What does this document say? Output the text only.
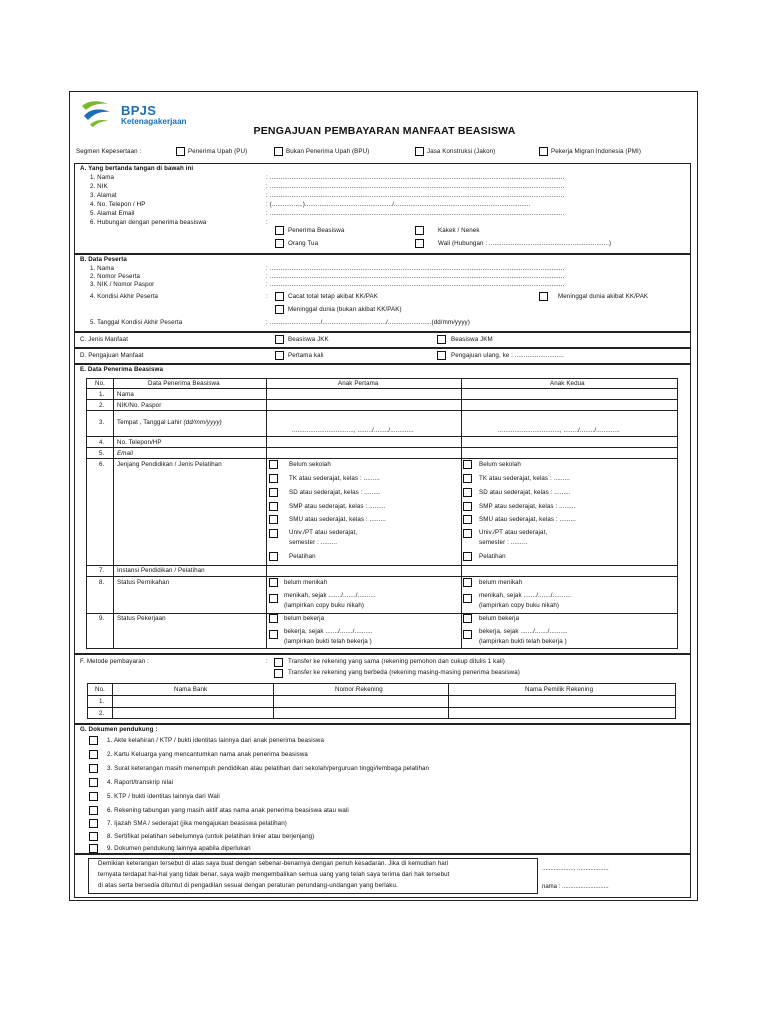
BPJS
Ketenagakerjaan
PENGAJUAN PEMBAYARAN MANFAAT BEASISWA
Segmen Kepesertaan :	Penerima Upah (PU)	Bukan Penerima Upah (BPU)	Jasa Konstruksi (Jakon)	Pekerja Migran Indonesia (PMI)
A. Yang bertanda tangan di bawah ini
1. Nama	: ..................................................................................................................................................................
2. NIK	: ..................................................................................................................................................................
3. Alamat	: ..................................................................................................................................................................
4. No. Telepon / HP	: (.................)................................................/...........................................................................
5. Alamat Email	: ..................................................................................................................................................................
6. Hubungan dengan penerima beasiswa	:
Penerima Beasiswa	Kakek / Nenek
Orang Tua	Wali (Hubungan : ..................................................................)
B. Data Peserta
1. Nama	: ..................................................................................................................................................................
2. Nomor Peserta	: ..................................................................................................................................................................
3. NIK / Nomor Paspor	: ..................................................................................................................................................................
4. Kondisi Akhir Peserta	:	Cacat total tetap akibat KK/PAK	Meninggal dunia akibat KK/PAK
Meninggal dunia (bukan akibat KK/PAK)
5. Tanggal Kondisi Akhir Peserta	: ............................/.................................../........................(dd/mm/yyyy)
C. Jenis Manfaat	Beasiswa JKK	Beasiswa JKM
D. Pengajuan Manfaat	Pertama kali	Pengajuan ulang, ke : ...........................
E. Data Penerima Beasiswa
No.	Data Penerima Beasiswa	Anak Pertama	Anak Kedua
1. Nama
2. NIK/No. Paspor
3. Tempat , Tanggal Lahir (dd/mm/yyyy)
.................................., ......../......../.............	.................................., ......../......../.............
4. No. Telepon/HP
5. Email
6. Jenjang Pendidikan / Jenis Pelatihan	Belum sekolah
TK atau sederajat, kelas : .........
SD atau sederajat, kelas : .........
SMP atau sederajat, kelas : .........
SMU atau sederajat, kelas : .........
Univ./PT atau sederajat,
semester : .........
Pelatihan
Belum sekolah
TK atau sederajat, kelas : .........
SD atau sederajat, kelas : .........
SMP atau sederajat, kelas : .........
SMU atau sederajat, kelas : .........
Univ./PT atau sederajat,
semester : .........
Pelatihan
7. Instansi Pendidikan / Pelatihan
8. Status Pernikahan	belum menikah
menikah, sejak ......./......./..........
(lampirkan copy buku nikah)
belum menikah
menikah, sejak ......./......./..........
(lampirkan copy buku nikah)
9. Status Pekerjaan	belum bekerja
bekerja, sejak ......./......./..........
(lampirkan bukti telah bekerja )
belum bekerja
bekerja, sejak ......./......./..........
(lampirkan bukti telah bekerja )
F. Metode pembayaran :	:	Transfer ke rekening yang sama (rekening pemohon dan cukup ditulis 1 kali)
Transfer ke rekening yang berbeda (rekening masing-masing penerima beasiswa)
No.	Nama Bank	Nomor Rekening	Nama Pemilik Rekening
1.
2.
G. Dokumen pendukung :
1. Akte kelahiran / KTP / bukti identitas lainnya dari anak penerima beasiswa
2. Kartu Keluarga yang mencantumkan nama anak penerima beasiswa
3. Surat keterangan masih menempuh pendidikan atau pelatihan dari sekolah/perguruan tinggi/lembaga pelatihan
4. Raport/transkrip nilai
5. KTP / bukti identitas lainnya dari Wali
6. Rekening tabungan yang masih aktif atas nama anak penerima beasiswa atau wali
7. Ijazah SMA / sederajat (jika mengajukan beasiswa pelatihan)
8. Sertifikat pelatihan sebelumnya (untuk pelatihan linier atau berjenjang)
9. Dokumen pendukung lainnya apabila diperlukan
Demikian keterangan tersebut di atas saya buat dengan sebenar-benarnya dengan penuh kesadaran. Jika di kemudian hari
ternyata terdapat hal-hal yang tidak benar, saya wajib mengembalikan semua uang yang telah saya terima dari hak tersebut
di atas serta bersedia dituntut di pengadilan sesuai dengan peraturan perundang-undangan yang berlaku.
..................., ...................
nama : ............................
